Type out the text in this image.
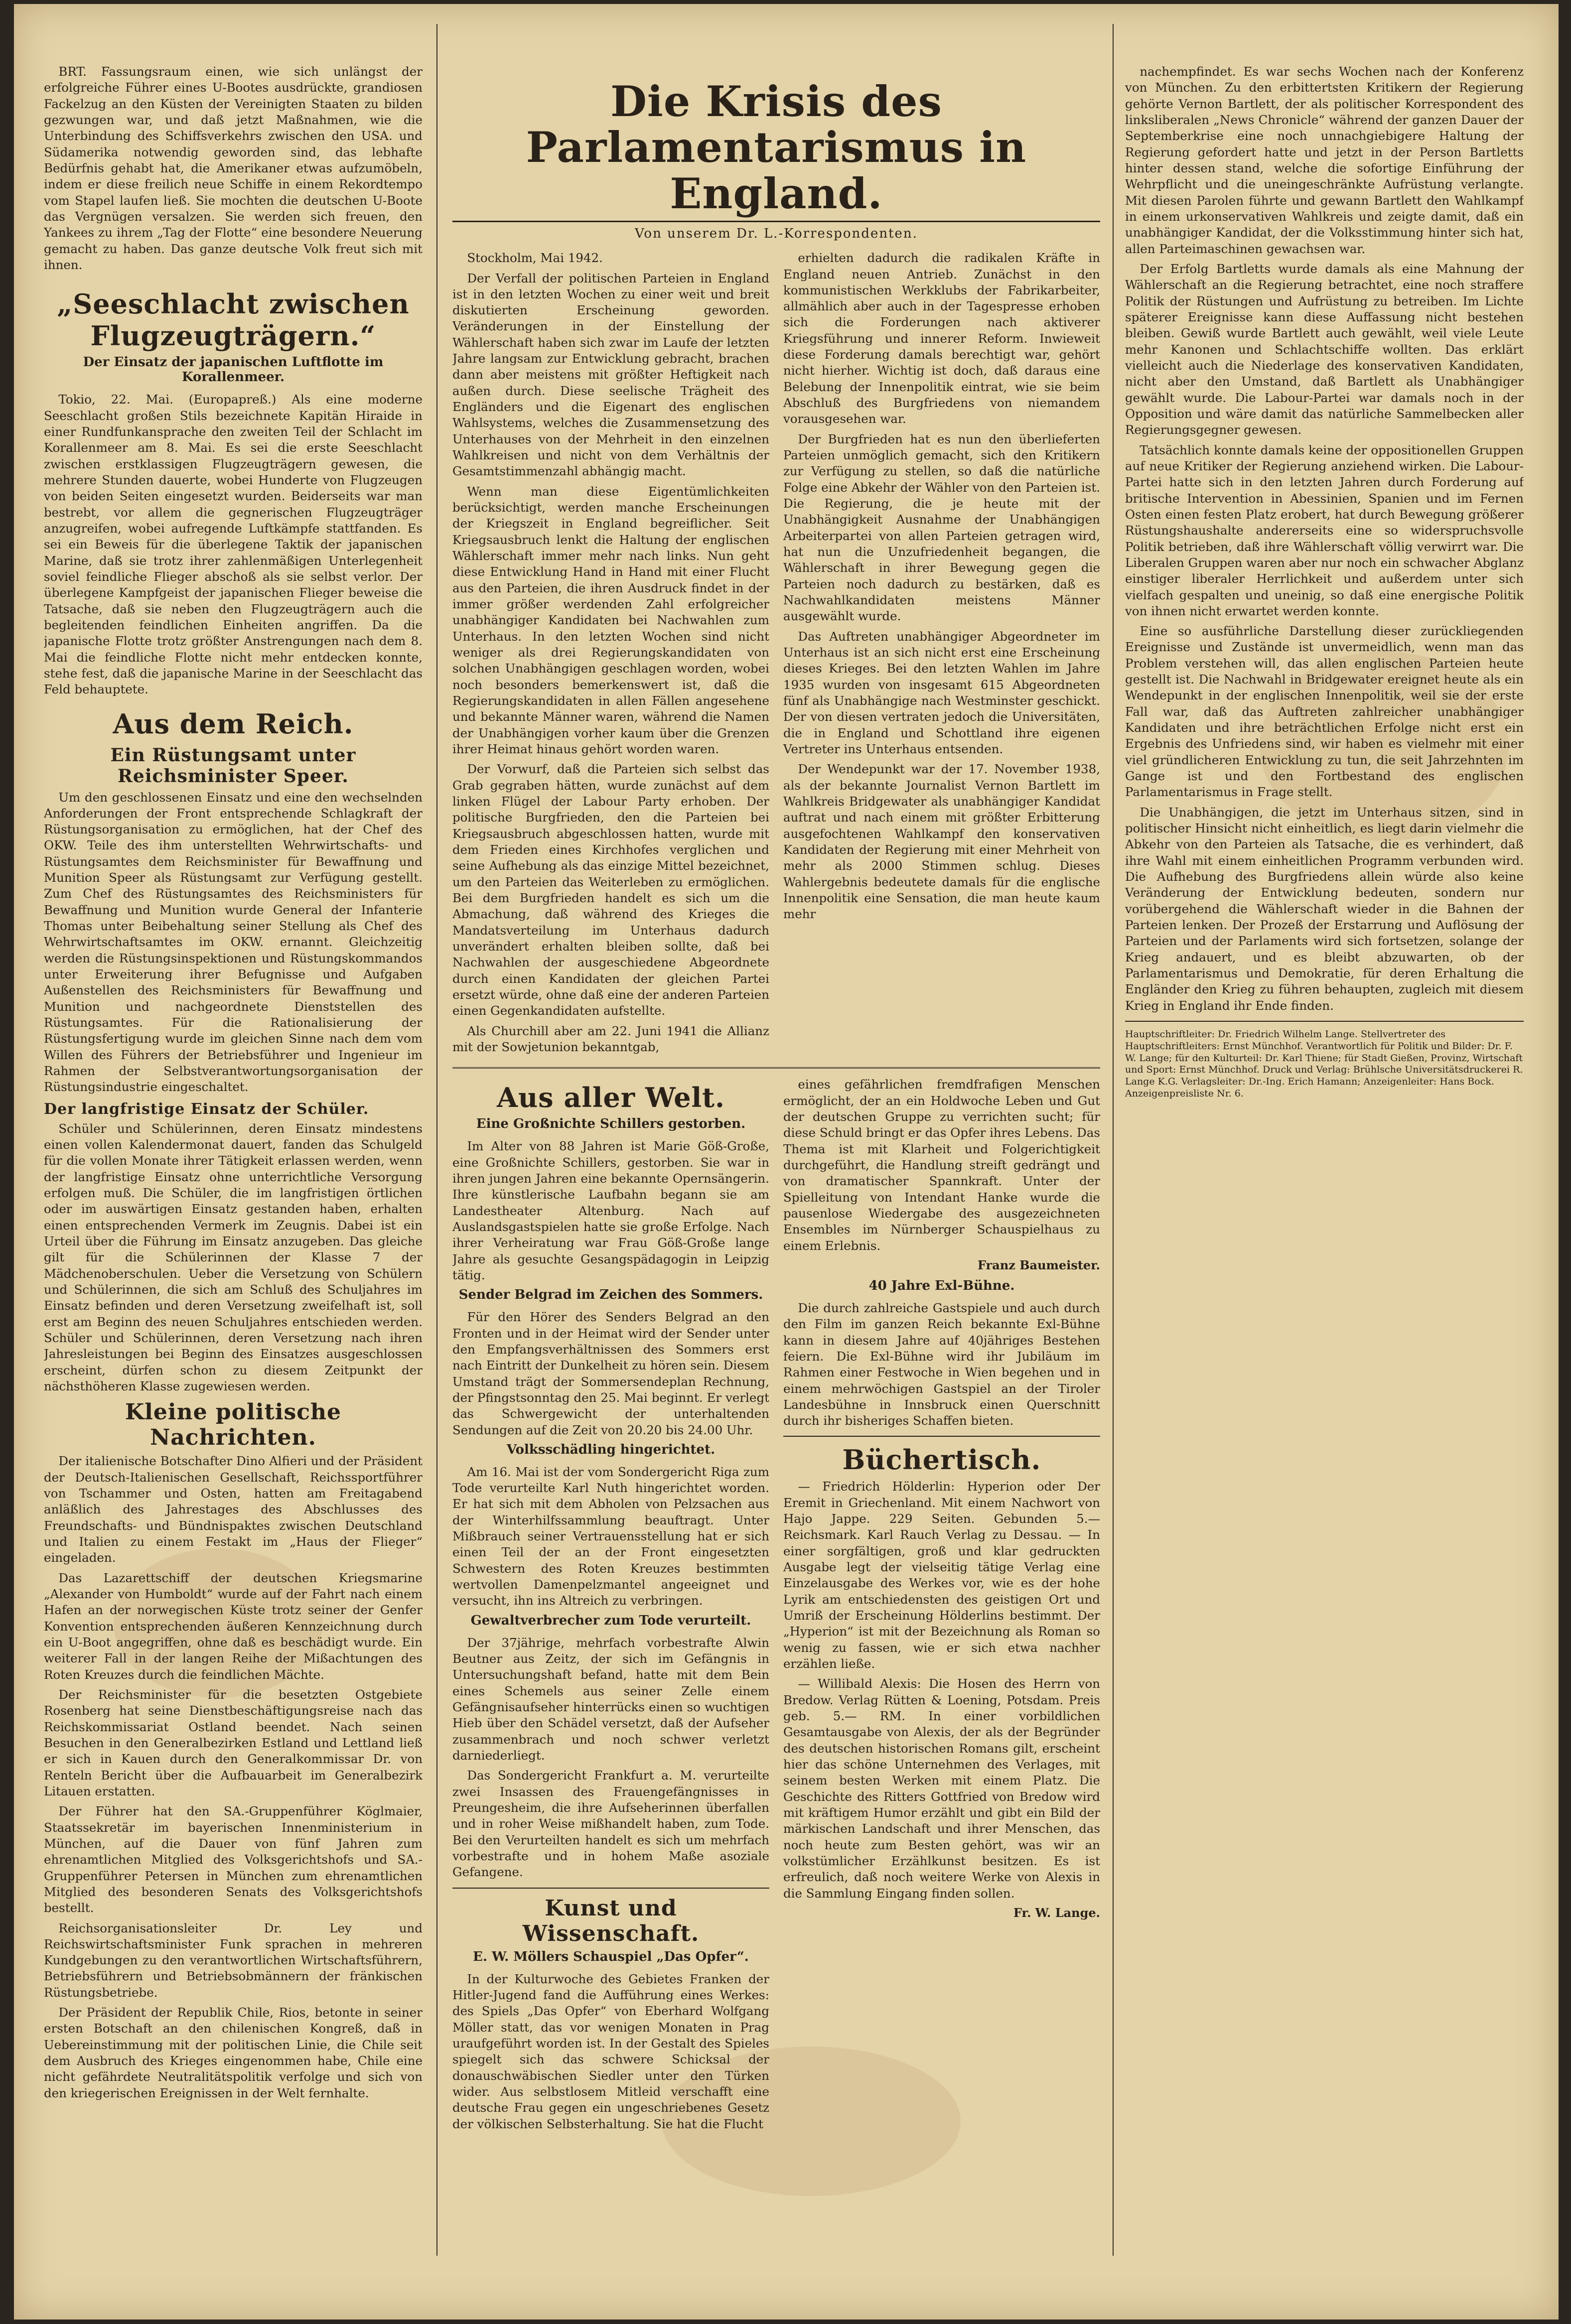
BRT. Fassungsraum einen, wie sich unlängst der erfolgreiche Führer eines U-Bootes ausdrückte, grandiosen Fackelzug an den Küsten der Vereinigten Staaten zu bilden gezwungen war, und daß jetzt Maßnahmen, wie die Unterbindung des Schiffsverkehrs zwischen den USA. und Südamerika notwendig geworden sind, das lebhafte Bedürfnis gehabt hat, die Amerikaner etwas aufzumöbeln, indem er diese freilich neue Schiffe in einem Rekordtempo vom Stapel laufen ließ. Sie mochten die deutschen U-Boote das Vergnügen versalzen. Sie werden sich freuen, den Yankees zu ihrem „Tag der Flotte“ eine besondere Neuerung gemacht zu haben. Das ganze deutsche Volk freut sich mit ihnen.

„Seeschlacht zwischen Flugzeugträgern.“
Der Einsatz der japanischen Luftflotte im Korallenmeer.

Tokio, 22. Mai. (Europapreß.) Als eine moderne Seeschlacht großen Stils bezeichnete Kapitän Hiraide in einer Rundfunkansprache den zweiten Teil der Schlacht im Korallenmeer am 8. Mai. Es sei die erste Seeschlacht zwischen erstklassigen Flugzeugträgern gewesen, die mehrere Stunden dauerte, wobei Hunderte von Flugzeugen von beiden Seiten eingesetzt wurden. Beiderseits war man bestrebt, vor allem die gegnerischen Flugzeugträger anzugreifen, wobei aufregende Luftkämpfe stattfanden. Es sei ein Beweis für die überlegene Taktik der japanischen Marine, daß sie trotz ihrer zahlenmäßigen Unterlegenheit soviel feindliche Flieger abschoß als sie selbst verlor. Der überlegene Kampfgeist der japanischen Flieger beweise die Tatsache, daß sie neben den Flugzeugträgern auch die begleitenden feindlichen Einheiten angriffen. Da die japanische Flotte trotz größter Anstrengungen nach dem 8. Mai die feindliche Flotte nicht mehr entdecken konnte, stehe fest, daß die japanische Marine in der Seeschlacht das Feld behauptete.

Aus dem Reich.
Ein Rüstungsamt unter Reichsminister Speer.

Um den geschlossenen Einsatz und eine den wechselnden Anforderungen der Front entsprechende Schlagkraft der Rüstungsorganisation zu ermöglichen, hat der Chef des OKW. Teile des ihm unterstellten Wehrwirtschafts- und Rüstungsamtes dem Reichsminister für Bewaffnung und Munition Speer als Rüstungsamt zur Verfügung gestellt. Zum Chef des Rüstungsamtes des Reichsministers für Bewaffnung und Munition wurde General der Infanterie Thomas unter Beibehaltung seiner Stellung als Chef des Wehrwirtschaftsamtes im OKW. ernannt. Gleichzeitig werden die Rüstungsinspektionen und Rüstungskommandos unter Erweiterung ihrer Befugnisse und Aufgaben Außenstellen des Reichsministers für Bewaffnung und Munition und nachgeordnete Dienststellen des Rüstungsamtes. Für die Rationalisierung der Rüstungsfertigung wurde im gleichen Sinne nach dem vom Willen des Führers der Betriebsführer und Ingenieur im Rahmen der Selbstverantwortungsorganisation der Rüstungsindustrie eingeschaltet.

Der langfristige Einsatz der Schüler.

Schüler und Schülerinnen, deren Einsatz mindestens einen vollen Kalendermonat dauert, fanden das Schulgeld für die vollen Monate ihrer Tätigkeit erlassen werden, wenn der langfristige Einsatz ohne unterrichtliche Versorgung erfolgen muß. Die Schüler, die im langfristigen örtlichen oder im auswärtigen Einsatz gestanden haben, erhalten einen entsprechenden Vermerk im Zeugnis. Dabei ist ein Urteil über die Führung im Einsatz anzugeben. Das gleiche gilt für die Schülerinnen der Klasse 7 der Mädchenoberschulen. Ueber die Versetzung von Schülern und Schülerinnen, die sich am Schluß des Schuljahres im Einsatz befinden und deren Versetzung zweifelhaft ist, soll erst am Beginn des neuen Schuljahres entschieden werden. Schüler und Schülerinnen, deren Versetzung nach ihren Jahresleistungen bei Beginn des Einsatzes ausgeschlossen erscheint, dürfen schon zu diesem Zeitpunkt der nächsthöheren Klasse zugewiesen werden.

Kleine politische Nachrichten.

Der italienische Botschafter Dino Alfieri und der Präsident der Deutsch-Italienischen Gesellschaft, Reichssportführer von Tschammer und Osten, hatten am Freitagabend anläßlich des Jahrestages des Abschlusses des Freundschafts- und Bündnispaktes zwischen Deutschland und Italien zu einem Festakt im „Haus der Flieger“ eingeladen.

Das Lazarettschiff der deutschen Kriegsmarine „Alexander von Humboldt“ wurde auf der Fahrt nach einem Hafen an der norwegischen Küste trotz seiner der Genfer Konvention entsprechenden äußeren Kennzeichnung durch ein U-Boot angegriffen, ohne daß es beschädigt wurde. Ein weiterer Fall in der langen Reihe der Mißachtungen des Roten Kreuzes durch die feindlichen Mächte.

Der Reichsminister für die besetzten Ostgebiete Rosenberg hat seine Dienstbeschäftigungsreise nach das Reichskommissariat Ostland beendet. Nach seinen Besuchen in den Generalbezirken Estland und Lettland ließ er sich in Kauen durch den Generalkommissar Dr. von Renteln Bericht über die Aufbauarbeit im Generalbezirk Litauen erstatten.

Der Führer hat den SA.-Gruppenführer Köglmaier, Staatssekretär im bayerischen Innenministerium in München, auf die Dauer von fünf Jahren zum ehrenamtlichen Mitglied des Volksgerichtshofs und SA.-Gruppenführer Petersen in München zum ehrenamtlichen Mitglied des besonderen Senats des Volksgerichtshofs bestellt.

Reichsorganisationsleiter Dr. Ley und Reichswirtschaftsminister Funk sprachen in mehreren Kundgebungen zu den verantwortlichen Wirtschaftsführern, Betriebsführern und Betriebsobmännern der fränkischen Rüstungsbetriebe.

Der Präsident der Republik Chile, Rios, betonte in seiner ersten Botschaft an den chilenischen Kongreß, daß in Uebereinstimmung mit der politischen Linie, die Chile seit dem Ausbruch des Krieges eingenommen habe, Chile eine nicht gefährdete Neutralitätspolitik verfolge und sich von den kriegerischen Ereignissen in der Welt fernhalte.

Die Krisis des Parlamentarismus in England.
Von unserem Dr. L.-Korrespondenten.

Stockholm, Mai 1942.

Der Verfall der politischen Parteien in England ist in den letzten Wochen zu einer weit und breit diskutierten Erscheinung geworden. Veränderungen in der Einstellung der Wählerschaft haben sich zwar im Laufe der letzten Jahre langsam zur Entwicklung gebracht, brachen dann aber meistens mit größter Heftigkeit nach außen durch. Diese seelische Trägheit des Engländers und die Eigenart des englischen Wahlsystems, welches die Zusammensetzung des Unterhauses von der Mehrheit in den einzelnen Wahlkreisen und nicht von dem Verhältnis der Gesamtstimmenzahl abhängig macht.

Wenn man diese Eigentümlichkeiten berücksichtigt, werden manche Erscheinungen der Kriegszeit in England begreiflicher. Seit Kriegsausbruch lenkt die Haltung der englischen Wählerschaft immer mehr nach links. Nun geht diese Entwicklung Hand in Hand mit einer Flucht aus den Parteien, die ihren Ausdruck findet in der immer größer werdenden Zahl erfolgreicher unabhängiger Kandidaten bei Nachwahlen zum Unterhaus. In den letzten Wochen sind nicht weniger als drei Regierungskandidaten von solchen Unabhängigen geschlagen worden, wobei noch besonders bemerkenswert ist, daß die Regierungskandidaten in allen Fällen angesehene und bekannte Männer waren, während die Namen der Unabhängigen vorher kaum über die Grenzen ihrer Heimat hinaus gehört worden waren.

Der Vorwurf, daß die Parteien sich selbst das Grab gegraben hätten, wurde zunächst auf dem linken Flügel der Labour Party erhoben. Der politische Burgfrieden, den die Parteien bei Kriegsausbruch abgeschlossen hatten, wurde mit dem Frieden eines Kirchhofes verglichen und seine Aufhebung als das einzige Mittel bezeichnet, um den Parteien das Weiterleben zu ermöglichen. Bei dem Burgfrieden handelt es sich um die Abmachung, daß während des Krieges die Mandatsverteilung im Unterhaus dadurch unverändert erhalten bleiben sollte, daß bei Nachwahlen der ausgeschiedene Abgeordnete durch einen Kandidaten der gleichen Partei ersetzt würde, ohne daß eine der anderen Parteien einen Gegenkandidaten aufstellte.

Als Churchill aber am 22. Juni 1941 die Allianz mit der Sowjetunion bekanntgab,

erhielten dadurch die radikalen Kräfte in England neuen Antrieb. Zunächst in den kommunistischen Werkklubs der Fabrikarbeiter, allmählich aber auch in der Tagespresse erhoben sich die Forderungen nach aktiverer Kriegsführung und innerer Reform. Inwieweit diese Forderung damals berechtigt war, gehört nicht hierher. Wichtig ist doch, daß daraus eine Belebung der Innenpolitik eintrat, wie sie beim Abschluß des Burgfriedens von niemandem vorausgesehen war.

Der Burgfrieden hat es nun den überlieferten Parteien unmöglich gemacht, sich den Kritikern zur Verfügung zu stellen, so daß die natürliche Folge eine Abkehr der Wähler von den Parteien ist. Die Regierung, die je heute mit der Unabhängigkeit Ausnahme der Unabhängigen Arbeiterpartei von allen Parteien getragen wird, hat nun die Unzufriedenheit begangen, die Wählerschaft in ihrer Bewegung gegen die Parteien noch dadurch zu bestärken, daß es Nachwahlkandidaten meistens Männer ausgewählt wurde.

Das Auftreten unabhängiger Abgeordneter im Unterhaus ist an sich nicht erst eine Erscheinung dieses Krieges. Bei den letzten Wahlen im Jahre 1935 wurden von insgesamt 615 Abgeordneten fünf als Unabhängige nach Westminster geschickt. Der von diesen vertraten jedoch die Universitäten, die in England und Schottland ihre eigenen Vertreter ins Unterhaus entsenden.

Der Wendepunkt war der 17. November 1938, als der bekannte Journalist Vernon Bartlett im Wahlkreis Bridgewater als unabhängiger Kandidat auftrat und nach einem mit größter Erbitterung ausgefochtenen Wahlkampf den konservativen Kandidaten der Regierung mit einer Mehrheit von mehr als 2000 Stimmen schlug. Dieses Wahlergebnis bedeutete damals für die englische Innenpolitik eine Sensation, die man heute kaum mehr

Aus aller Welt.
Eine Großnichte Schillers gestorben.

Im Alter von 88 Jahren ist Marie Göß-Große, eine Großnichte Schillers, gestorben. Sie war in ihren jungen Jahren eine bekannte Opernsängerin. Ihre künstlerische Laufbahn begann sie am Landestheater Altenburg. Nach auf Auslandsgastspielen hatte sie große Erfolge. Nach ihrer Verheiratung war Frau Göß-Große lange Jahre als gesuchte Gesangspädagogin in Leipzig tätig.

Sender Belgrad im Zeichen des Sommers.

Für den Hörer des Senders Belgrad an den Fronten und in der Heimat wird der Sender unter den Empfangsverhältnissen des Sommers erst nach Eintritt der Dunkelheit zu hören sein. Diesem Umstand trägt der Sommersendeplan Rechnung, der Pfingstsonntag den 25. Mai beginnt. Er verlegt das Schwergewicht der unterhaltenden Sendungen auf die Zeit von 20.20 bis 24.00 Uhr.

Volksschädling hingerichtet.

Am 16. Mai ist der vom Sondergericht Riga zum Tode verurteilte Karl Nuth hingerichtet worden. Er hat sich mit dem Abholen von Pelzsachen aus der Winterhilfssammlung beauftragt. Unter Mißbrauch seiner Vertrauensstellung hat er sich einen Teil der an der Front eingesetzten Schwestern des Roten Kreuzes bestimmten wertvollen Damenpelzmantel angeeignet und versucht, ihn ins Altreich zu verbringen.

Gewaltverbrecher zum Tode verurteilt.

Der 37jährige, mehrfach vorbestrafte Alwin Beutner aus Zeitz, der sich im Gefängnis in Untersuchungshaft befand, hatte mit dem Bein eines Schemels aus seiner Zelle einem Gefängnisaufseher hinterrücks einen so wuchtigen Hieb über den Schädel versetzt, daß der Aufseher zusammenbrach und noch schwer verletzt darniederliegt.

Das Sondergericht Frankfurt a. M. verurteilte zwei Insassen des Frauengefängnisses in Preungesheim, die ihre Aufseherinnen überfallen und in roher Weise mißhandelt haben, zum Tode. Bei den Verurteilten handelt es sich um mehrfach vorbestrafte und in hohem Maße asoziale Gefangene.

Kunst und Wissenschaft.
E. W. Möllers Schauspiel „Das Opfer“.

In der Kulturwoche des Gebietes Franken der Hitler-Jugend fand die Aufführung eines Werkes: des Spiels „Das Opfer“ von Eberhard Wolfgang Möller statt, das vor wenigen Monaten in Prag uraufgeführt worden ist. In der Gestalt des Spieles spiegelt sich das schwere Schicksal der donauschwäbischen Siedler unter den Türken wider. Aus selbstlosem Mitleid verschafft eine deutsche Frau gegen ein ungeschriebenes Gesetz der völkischen Selbsterhaltung. Sie hat die Flucht

eines gefährlichen fremdfrafigen Menschen ermöglicht, der an ein Holdwoche Leben und Gut der deutschen Gruppe zu verrichten sucht; für diese Schuld bringt er das Opfer ihres Lebens. Das Thema ist mit Klarheit und Folgerichtigkeit durchgeführt, die Handlung streift gedrängt und von dramatischer Spannkraft. Unter der Spielleitung von Intendant Hanke wurde die pausenlose Wiedergabe des ausgezeichneten Ensembles im Nürnberger Schauspielhaus zu einem Erlebnis.

Franz Baumeister.
40 Jahre Exl-Bühne.

Die durch zahlreiche Gastspiele und auch durch den Film im ganzen Reich bekannte Exl-Bühne kann in diesem Jahre auf 40jähriges Bestehen feiern. Die Exl-Bühne wird ihr Jubiläum im Rahmen einer Festwoche in Wien begehen und in einem mehrwöchigen Gastspiel an der Tiroler Landesbühne in Innsbruck einen Querschnitt durch ihr bisheriges Schaffen bieten.

Büchertisch.

— Friedrich Hölderlin: Hyperion oder Der Eremit in Griechenland. Mit einem Nachwort von Hajo Jappe. 229 Seiten. Gebunden 5.— Reichsmark. Karl Rauch Verlag zu Dessau. — In einer sorgfältigen, groß und klar gedruckten Ausgabe legt der vielseitig tätige Verlag eine Einzelausgabe des Werkes vor, wie es der hohe Lyrik am entschiedensten des geistigen Ort und Umriß der Erscheinung Hölderlins bestimmt. Der „Hyperion“ ist mit der Bezeichnung als Roman so wenig zu fassen, wie er sich etwa nachher erzählen ließe.

— Willibald Alexis: Die Hosen des Herrn von Bredow. Verlag Rütten & Loening, Potsdam. Preis geb. 5.— RM. In einer vorbildlichen Gesamtausgabe von Alexis, der als der Begründer des deutschen historischen Romans gilt, erscheint hier das schöne Unternehmen des Verlages, mit seinem besten Werken mit einem Platz. Die Geschichte des Ritters Gottfried von Bredow wird mit kräftigem Humor erzählt und gibt ein Bild der märkischen Landschaft und ihrer Menschen, das noch heute zum Besten gehört, was wir an volkstümlicher Erzählkunst besitzen. Es ist erfreulich, daß noch weitere Werke von Alexis in die Sammlung Eingang finden sollen.

Fr. W. Lange.

nachempfindet. Es war sechs Wochen nach der Konferenz von München. Zu den erbittertsten Kritikern der Regierung gehörte Vernon Bartlett, der als politischer Korrespondent des linksliberalen „News Chronicle“ während der ganzen Dauer der Septemberkrise eine noch unnachgiebigere Haltung der Regierung gefordert hatte und jetzt in der Person Bartletts hinter dessen stand, welche die sofortige Einführung der Wehrpflicht und die uneingeschränkte Aufrüstung verlangte. Mit diesen Parolen führte und gewann Bartlett den Wahlkampf in einem urkonservativen Wahlkreis und zeigte damit, daß ein unabhängiger Kandidat, der die Volksstimmung hinter sich hat, allen Parteimaschinen gewachsen war.

Der Erfolg Bartletts wurde damals als eine Mahnung der Wählerschaft an die Regierung betrachtet, eine noch straffere Politik der Rüstungen und Aufrüstung zu betreiben. Im Lichte späterer Ereignisse kann diese Auffassung nicht bestehen bleiben. Gewiß wurde Bartlett auch gewählt, weil viele Leute mehr Kanonen und Schlachtschiffe wollten. Das erklärt vielleicht auch die Niederlage des konservativen Kandidaten, nicht aber den Umstand, daß Bartlett als Unabhängiger gewählt wurde. Die Labour-Partei war damals noch in der Opposition und wäre damit das natürliche Sammelbecken aller Regierungsgegner gewesen.

Tatsächlich konnte damals keine der oppositionellen Gruppen auf neue Kritiker der Regierung anziehend wirken. Die Labour-Partei hatte sich in den letzten Jahren durch Forderung auf britische Intervention in Abessinien, Spanien und im Fernen Osten einen festen Platz erobert, hat durch Bewegung größerer Rüstungshaushalte andererseits eine so widerspruchsvolle Politik betrieben, daß ihre Wählerschaft völlig verwirrt war. Die Liberalen Gruppen waren aber nur noch ein schwacher Abglanz einstiger liberaler Herrlichkeit und außerdem unter sich vielfach gespalten und uneinig, so daß eine energische Politik von ihnen nicht erwartet werden konnte.

Eine so ausführliche Darstellung dieser zurückliegenden Ereignisse und Zustände ist unvermeidlich, wenn man das Problem verstehen will, das allen englischen Parteien heute gestellt ist. Die Nachwahl in Bridgewater ereignet heute als ein Wendepunkt in der englischen Innenpolitik, weil sie der erste Fall war, daß das Auftreten zahlreicher unabhängiger Kandidaten und ihre beträchtlichen Erfolge nicht erst ein Ergebnis des Unfriedens sind, wir haben es vielmehr mit einer viel gründlicheren Entwicklung zu tun, die seit Jahrzehnten im Gange ist und den Fortbestand des englischen Parlamentarismus in Frage stellt.

Die Unabhängigen, die jetzt im Unterhaus sitzen, sind in politischer Hinsicht nicht einheitlich, es liegt darin vielmehr die Abkehr von den Parteien als Tatsache, die es verhindert, daß ihre Wahl mit einem einheitlichen Programm verbunden wird. Die Aufhebung des Burgfriedens allein würde also keine Veränderung der Entwicklung bedeuten, sondern nur vorübergehend die Wählerschaft wieder in die Bahnen der Parteien lenken. Der Prozeß der Erstarrung und Auflösung der Parteien und der Parlaments wird sich fortsetzen, solange der Krieg andauert, und es bleibt abzuwarten, ob der Parlamentarismus und Demokratie, für deren Erhaltung die Engländer den Krieg zu führen behaupten, zugleich mit diesem Krieg in England ihr Ende finden.

Hauptschriftleiter: Dr. Friedrich Wilhelm Lange. Stellvertreter des Hauptschriftleiters: Ernst Münchhof. Verantwortlich für Politik und Bilder: Dr. F. W. Lange; für den Kulturteil: Dr. Karl Thiene; für Stadt Gießen, Provinz, Wirtschaft und Sport: Ernst Münchhof. Druck und Verlag: Brühlsche Universitätsdruckerei R. Lange K.G. Verlagsleiter: Dr.-Ing. Erich Hamann; Anzeigenleiter: Hans Bock. Anzeigenpreisliste Nr. 6.
